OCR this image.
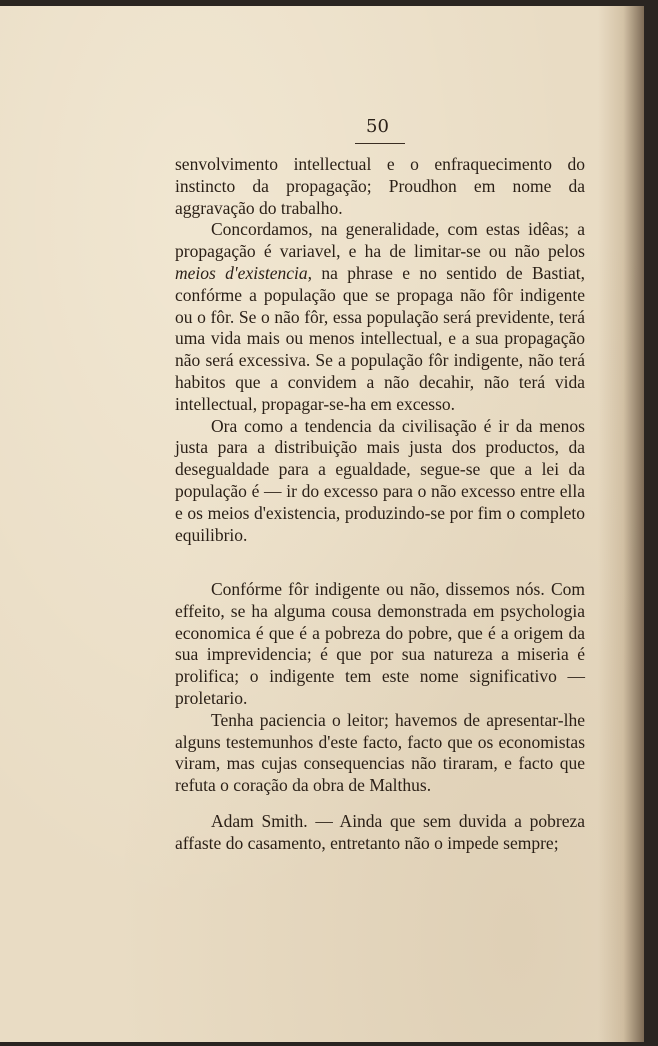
50

senvolvimento intellectual e o enfraquecimento do instincto da propagação; Proudhon em nome da aggravação do trabalho.

Concordamos, na generalidade, com estas idêas; a propagação é variavel, e ha de limitar-se ou não pelos meios d'existencia, na phrase e no sentido de Bastiat, confórme a população que se propaga não fôr indigente ou o fôr. Se o não fôr, essa população será previdente, terá uma vida mais ou menos intellectual, e a sua propagação não será excessiva. Se a população fôr indigente, não terá habitos que a convidem a não decahir, não terá vida intellectual, propagar-se-ha em excesso.

Ora como a tendencia da civilisação é ir da menos justa para a distribuição mais justa dos productos, da desegualdade para a egualdade, segue-se que a lei da população é — ir do excesso para o não excesso entre ella e os meios d'existencia, produzindo-se por fim o completo equilibrio.

Confórme fôr indigente ou não, dissemos nós. Com effeito, se ha alguma cousa demonstrada em psychologia economica é que é a pobreza do pobre, que é a origem da sua imprevidencia; é que por sua natureza a miseria é prolifica; o indigente tem este nome significativo — proletario.

Tenha paciencia o leitor; havemos de apresentar-lhe alguns testemunhos d'este facto, facto que os economistas viram, mas cujas consequencias não tiraram, e facto que refuta o coração da obra de Malthus.

Adam Smith. — Ainda que sem duvida a pobreza affaste do casamento, entretanto não o impede sempre;
